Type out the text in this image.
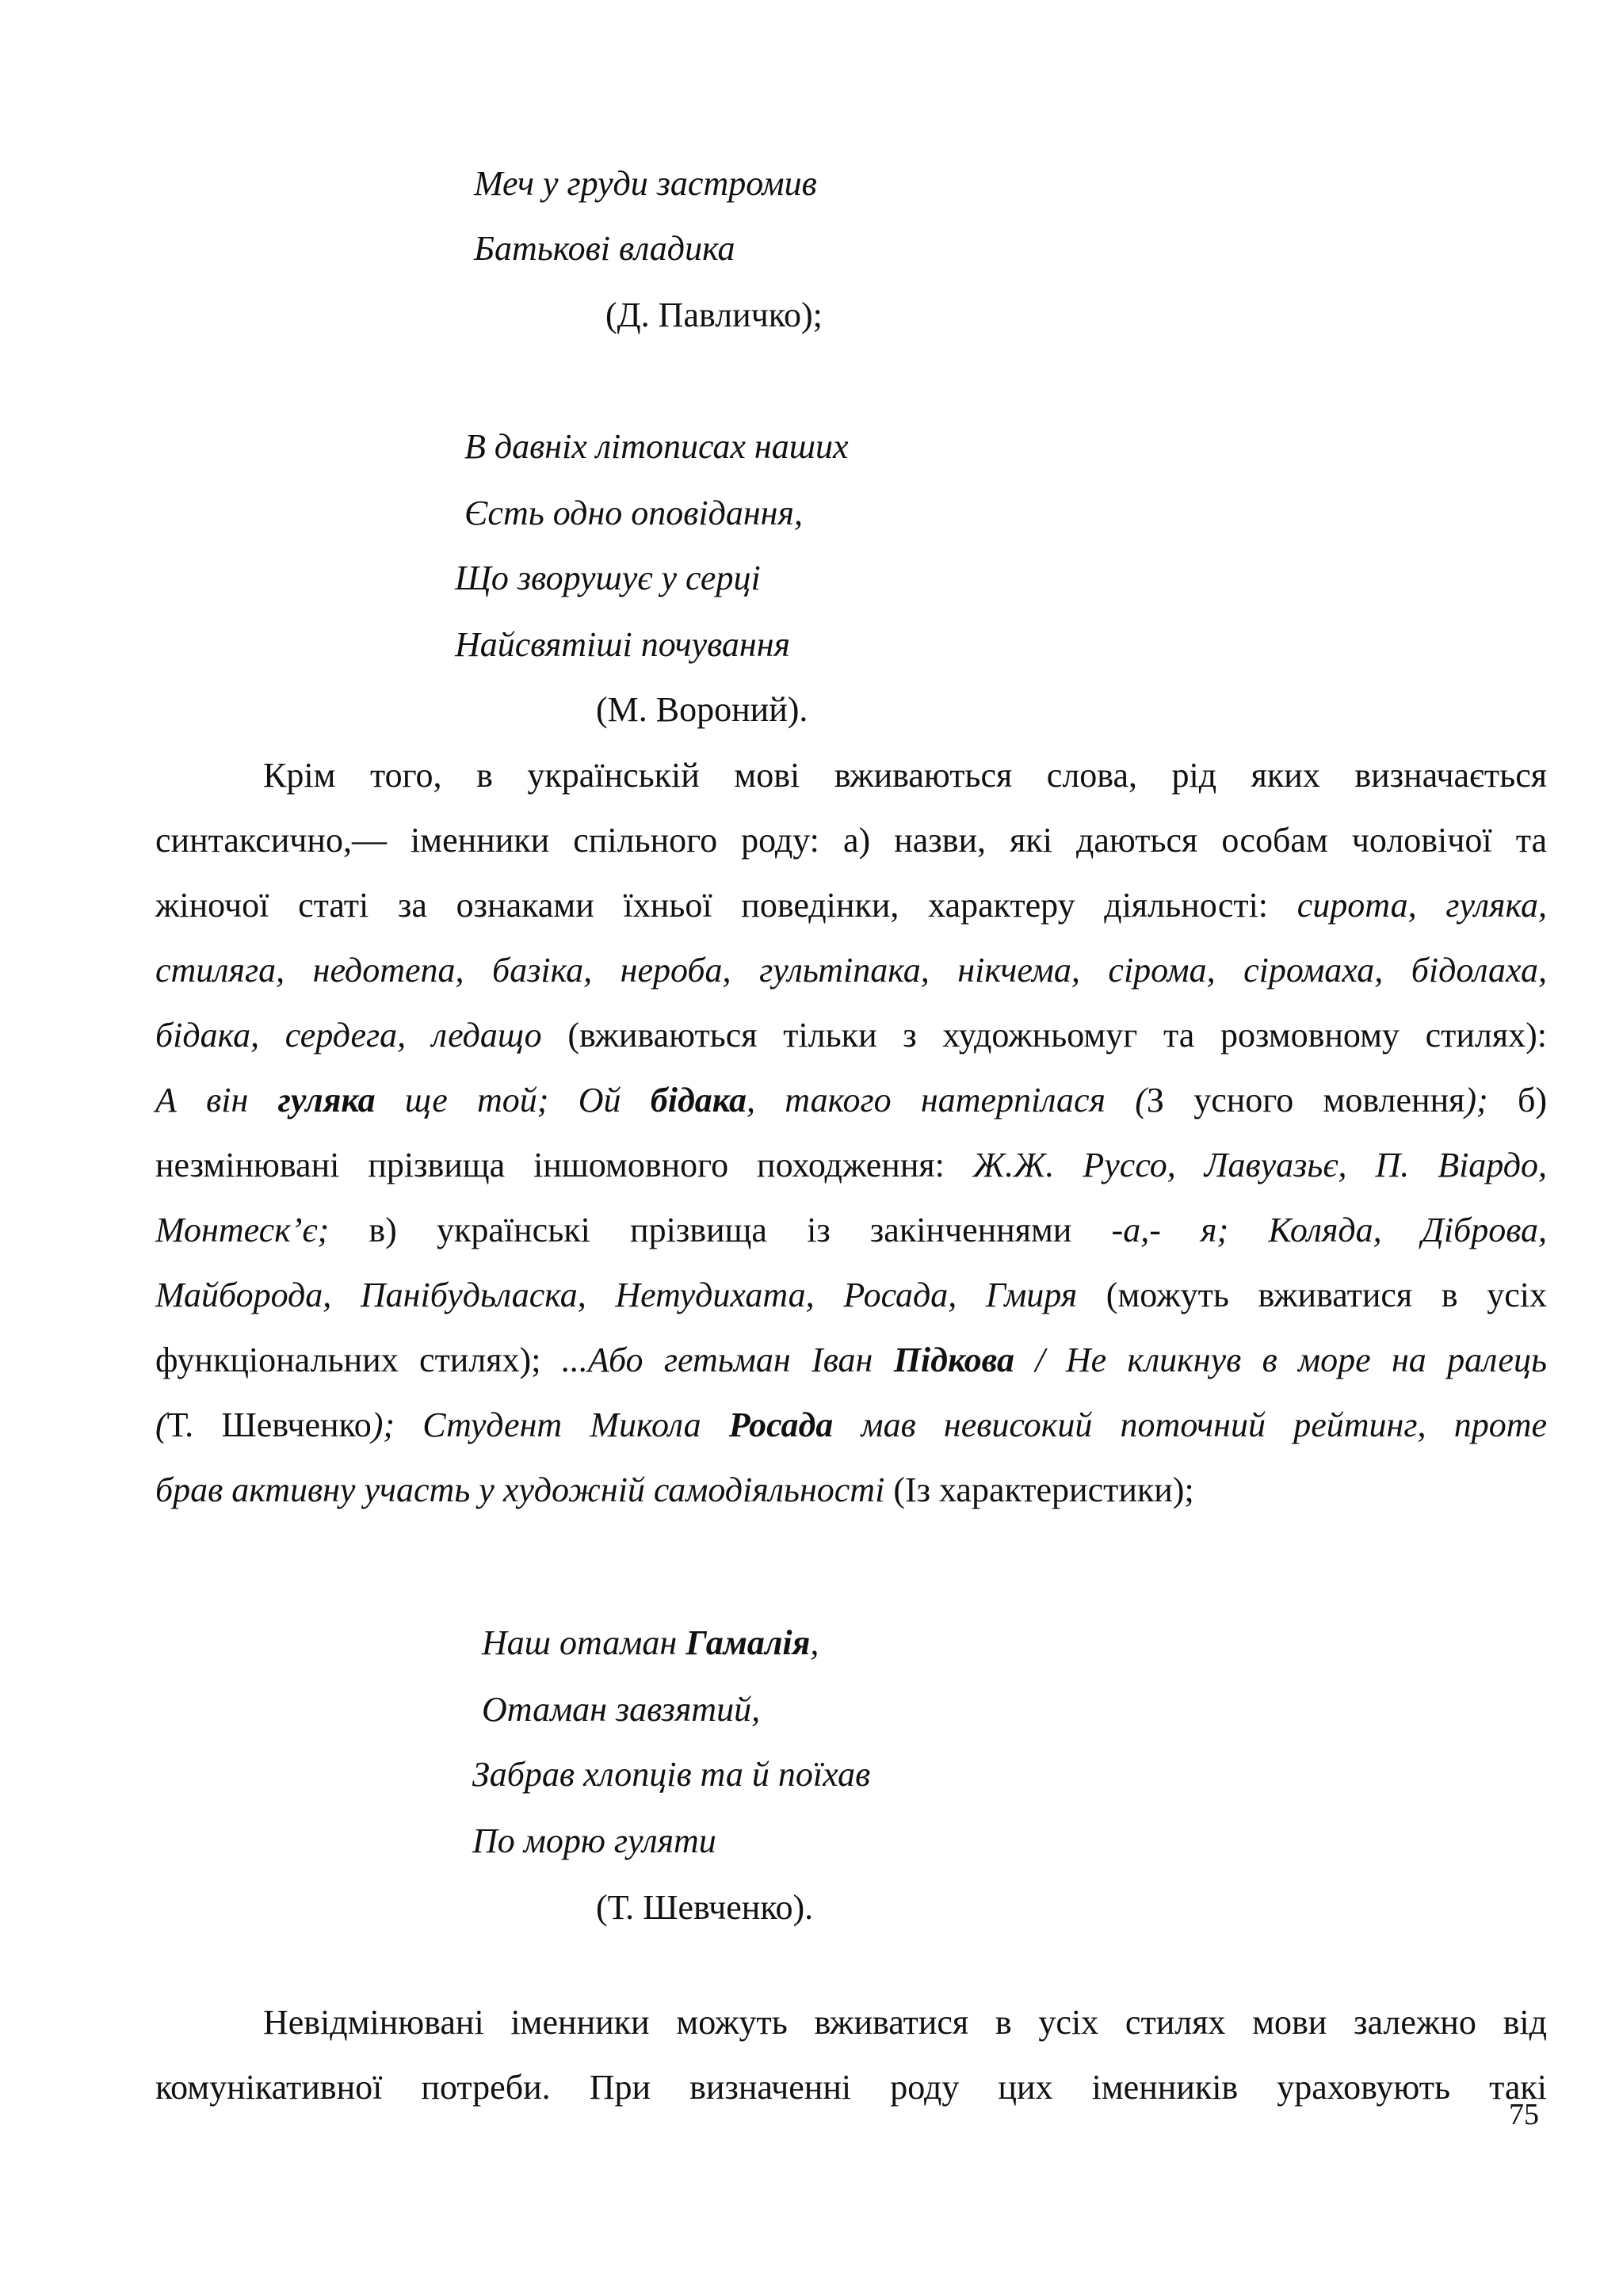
Меч у груди застромив
Батькові владика
(Д. Павличко);
В давніх літописах наших
Єсть одно оповідання,
Що зворушує у серці
Найсвятіші почування
(М. Вороний).
Крім того, в українській мові вживаються слова, рід яких визначається
синтаксично,— іменники спільного роду: а) назви, які даються особам чоловічої та
жіночої статі за ознаками їхньої поведінки, характеру діяльності: сирота, гуляка,
стиляга, недотепа, базіка, нероба, гультіпака, нікчема, сірома, сіромаха, бідолаха,
бідака, сердега, ледащо (вживаються тільки з художньомуг та розмовному стилях):
А він гуляка ще той; Ой бідака, такого натерпілася (З усного мовлення); б)
незмінювані прізвища іншомовного походження: Ж.Ж. Руссо, Лавуазьє, П. Віардо,
Монтеск’є; в) українські прізвища із закінченнями -а,- я; Коляда, Діброва,
Майборода, Панібудьласка, Нетудихата, Росада, Гмиря (можуть вживатися в усіх
функціональних стилях); ...Або гетьман Іван Підкова / Не кликнув в море на ралець
(Т. Шевченко); Студент Микола Росада мав невисокий поточний рейтинг, проте
брав активну участь у художній самодіяльності (Із характеристики);
Наш отаман Гамалія,
Отаман завзятий,
Забрав хлопців та й поїхав
По морю гуляти
(Т. Шевченко).
Невідмінювані іменники можуть вживатися в усіх стилях мови залежно від
комунікативної потреби. При визначенні роду цих іменників ураховують такі
75
